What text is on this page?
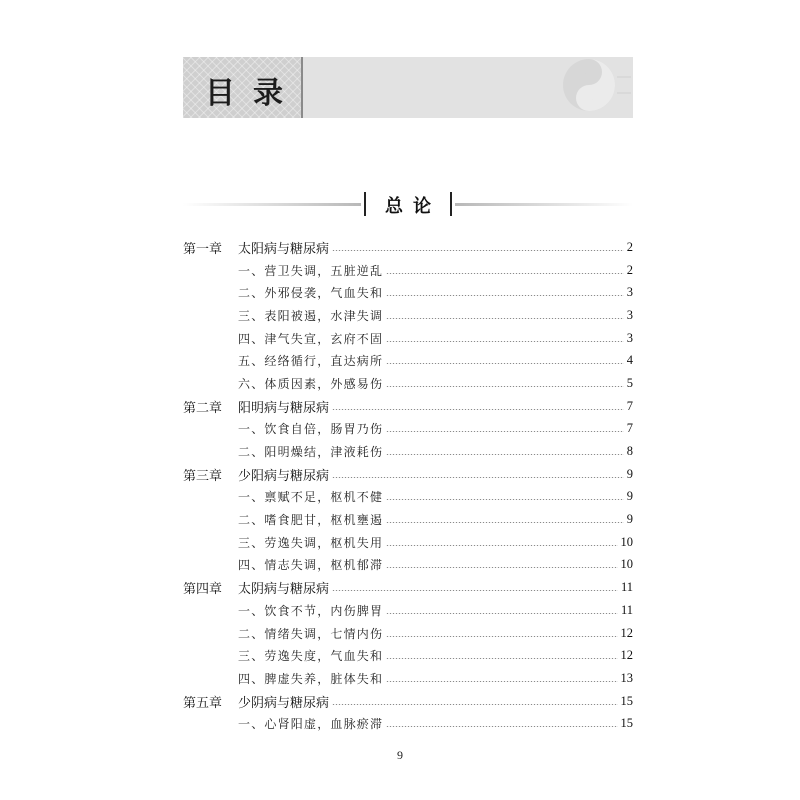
目录
总论
第一章 太阳病与糖尿病	2
一、营卫失调，五脏逆乱	2
二、外邪侵袭，气血失和	3
三、表阳被遏，水津失调	3
四、津气失宣，玄府不固	3
五、经络循行，直达病所	4
六、体质因素，外感易伤	5
第二章 阳明病与糖尿病	7
一、饮食自倍，肠胃乃伤	7
二、阳明燥结，津液耗伤	8
第三章 少阳病与糖尿病	9
一、禀赋不足，枢机不健	9
二、嗜食肥甘，枢机壅遏	9
三、劳逸失调，枢机失用	10
四、情志失调，枢机郁滞	10
第四章 太阴病与糖尿病	11
一、饮食不节，内伤脾胃	11
二、情绪失调，七情内伤	12
三、劳逸失度，气血失和	12
四、脾虚失养，脏体失和	13
第五章 少阴病与糖尿病	15
一、心肾阳虚，血脉瘀滞	15
9
